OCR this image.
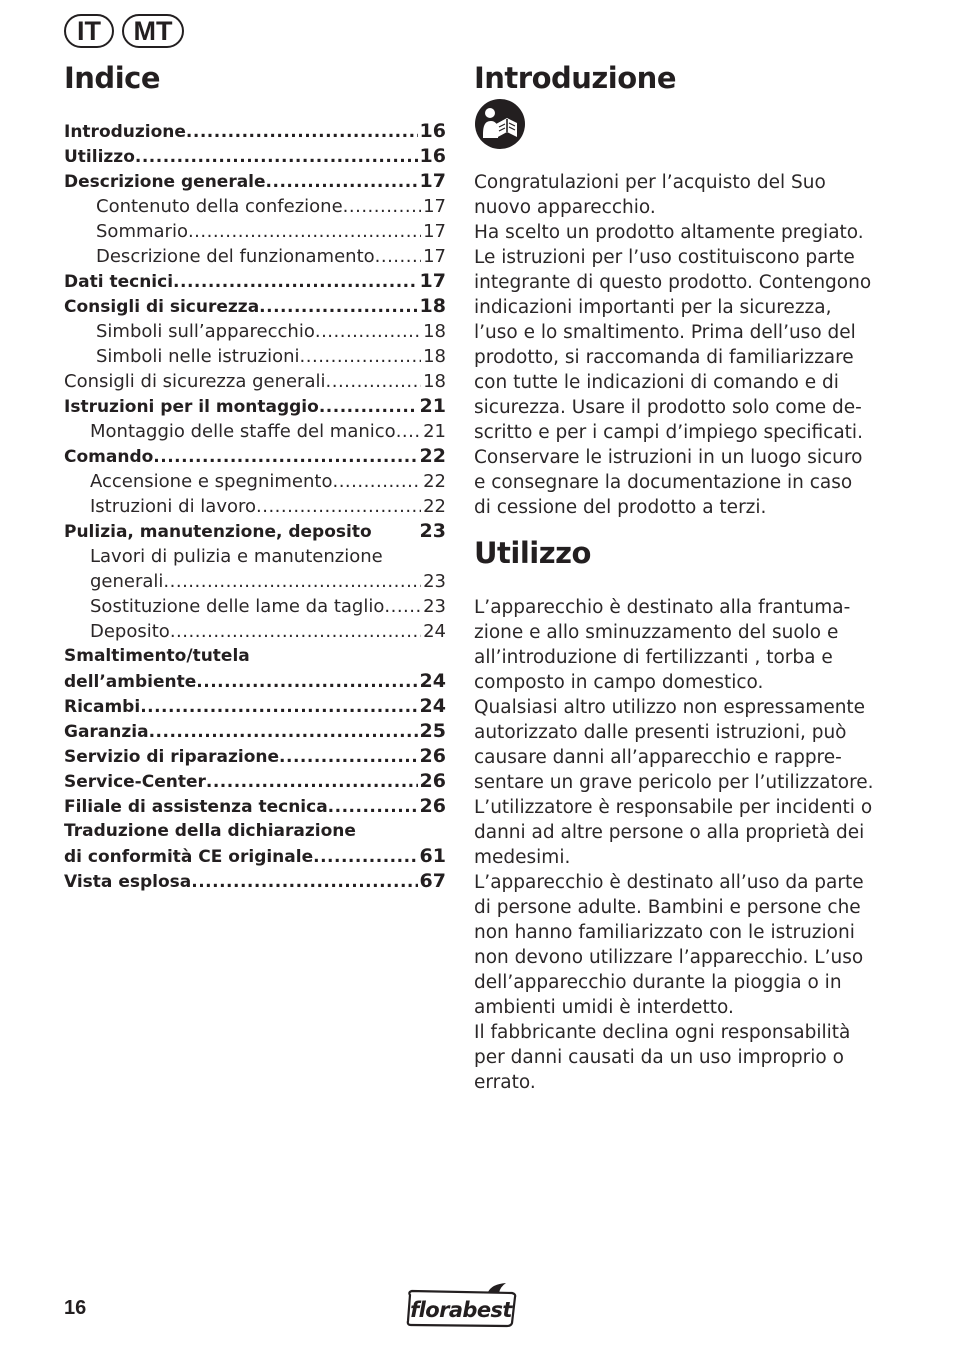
IT	MT
Indice
Introduzione .....	16
Utilizzo .....	16
Descrizione generale .....	17
Contenuto della confezione .....	17
Sommario .....	17
Descrizione del funzionamento .....	17
Dati tecnici .....	17
Consigli di sicurezza .....	18
Simboli sull’apparecchio .....	18
Simboli nelle istruzioni .....	18
Consigli di sicurezza generali .....	18
Istruzioni per il montaggio .....	21
Montaggio delle staffe del manico ..... 21
Comando .....	22
Accensione e spegnimento .....	22
Istruzioni di lavoro .....	22
Pulizia, manutenzione, deposito	23
Lavori di pulizia e manutenzione
generali .....	23
Sostituzione delle lame da taglio ..... 23
Deposito .....	24
Smaltimento/tutela
dell’ambiente .....	24
Ricambi .....	24
Garanzia .....	25
Servizio di riparazione .....	26
Service-Center .....	26
Filiale di assistenza tecnica .....	26
Traduzione della dichiarazione
di conformità CE originale .....	61
Vista esplosa .....	67
Introduzione

Congratulazioni per l’acquisto del Suo

nuovo apparecchio.

Ha scelto un prodotto altamente pregiato.

Le istruzioni per l’uso costituiscono parte

integrante di questo prodotto. Contengono

indicazioni importanti per la sicurezza,

l’uso e lo smaltimento. Prima dell’uso del

prodotto, si raccomanda di familiarizzare

con tutte le indicazioni di comando e di

sicurezza. Usare il prodotto solo come de-

scritto e per i campi d’impiego specificati.

Conservare le istruzioni in un luogo sicuro

e consegnare la documentazione in caso

di cessione del prodotto a terzi.

Utilizzo

L’apparecchio è destinato alla frantuma-

zione e allo sminuzzamento del suolo e

all’introduzione di fertilizzanti , torba e

composto in campo domestico.

Qualsiasi altro utilizzo non espressamente

autorizzato dalle presenti istruzioni, può

causare danni all’apparecchio e rappre-

sentare un grave pericolo per l’utilizzatore.

L’utilizzatore è responsabile per incidenti o

danni ad altre persone o alla proprietà dei

medesimi.

L’apparecchio è destinato all’uso da parte

di persone adulte. Bambini e persone che

non hanno familiarizzato con le istruzioni

non devono utilizzare l’apparecchio. L’uso

dell’apparecchio durante la pioggia o in

ambienti umidi è interdetto.

Il fabbricante declina ogni responsabilità

per danni causati da un uso improprio o

errato.

16	florabest
